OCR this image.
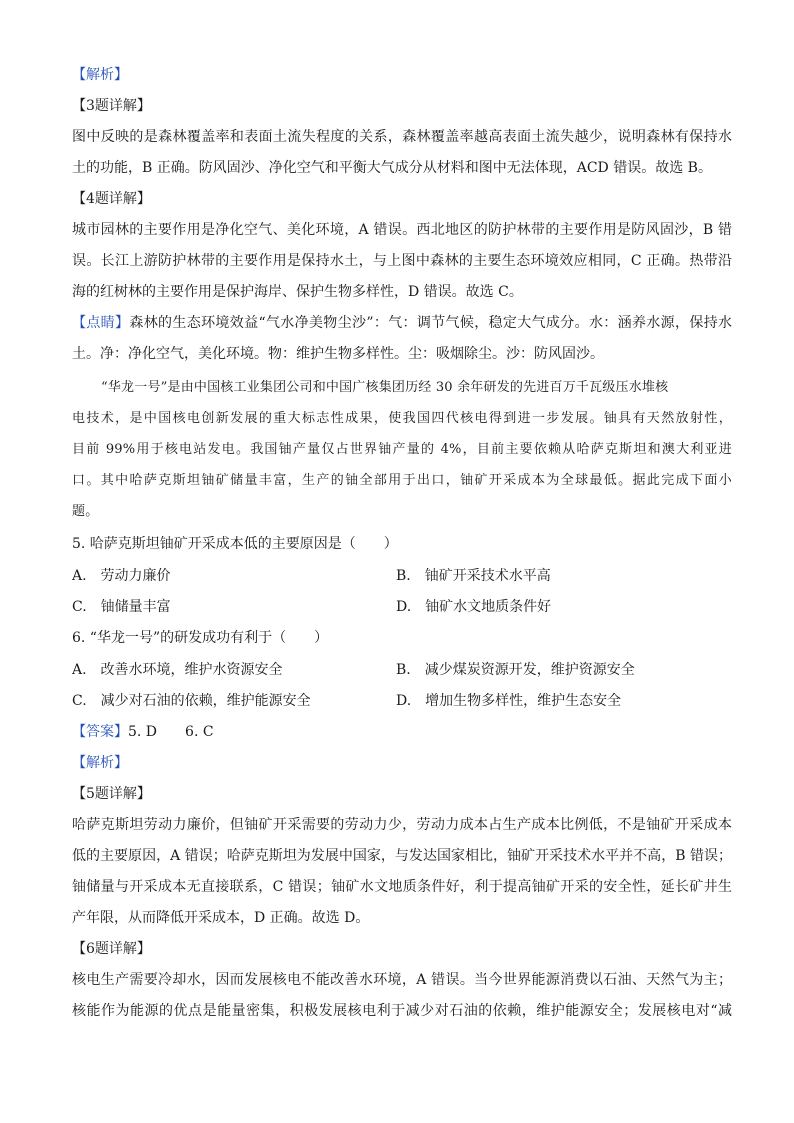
【解析】
【3题详解】
图中反映的是森林覆盖率和表面土流失程度的关系，森林覆盖率越高表面土流失越少，说明森林有保持水
土的功能，B 正确。防风固沙、净化空气和平衡大气成分从材料和图中无法体现，ACD 错误。故选 B。
【4题详解】
城市园林的主要作用是净化空气、美化环境，A 错误。西北地区的防护林带的主要作用是防风固沙，B 错
误。长江上游防护林带的主要作用是保持水土，与上图中森林的主要生态环境效应相同，C 正确。热带沿
海的红树林的主要作用是保护海岸、保护生物多样性，D 错误。故选 C。
【点睛】森林的生态环境效益“气水净美物尘沙”：气：调节气候，稳定大气成分。水：涵养水源，保持水
土。净：净化空气，美化环境。物：维护生物多样性。尘：吸烟除尘。沙：防风固沙。
“华龙一号”是由中国核工业集团公司和中国广核集团历经 30 余年研发的先进百万千瓦级压水堆核
电技术，是中国核电创新发展的重大标志性成果，使我国四代核电得到进一步发展。铀具有天然放射性，
目前 99%用于核电站发电。我国铀产量仅占世界铀产量的 4%，目前主要依赖从哈萨克斯坦和澳大利亚进
口。其中哈萨克斯坦铀矿储量丰富，生产的铀全部用于出口，铀矿开采成本为全球最低。据此完成下面小
题。
5. 哈萨克斯坦铀矿开采成本低的主要原因是（　　）
A.　劳动力廉价	B.　铀矿开采技术水平高
C.　铀储量丰富	D.　铀矿水文地质条件好
6. “华龙一号”的研发成功有利于（　　）
A.　改善水环境，维护水资源安全	B.　减少煤炭资源开发，维护资源安全
C.　减少对石油的依赖，维护能源安全	D.　增加生物多样性，维护生态安全
【答案】5. D　　6. C
【解析】
【5题详解】
哈萨克斯坦劳动力廉价，但铀矿开采需要的劳动力少，劳动力成本占生产成本比例低，不是铀矿开采成本
低的主要原因，A 错误；哈萨克斯坦为发展中国家，与发达国家相比，铀矿开采技术水平并不高，B 错误；
铀储量与开采成本无直接联系，C 错误；铀矿水文地质条件好，利于提高铀矿开采的安全性，延长矿井生
产年限，从而降低开采成本，D 正确。故选 D。
【6题详解】
核电生产需要冷却水，因而发展核电不能改善水环境，A 错误。当今世界能源消费以石油、天然气为主；
核能作为能源的优点是能量密集，积极发展核电利于减少对石油的依赖，维护能源安全；发展核电对“减
